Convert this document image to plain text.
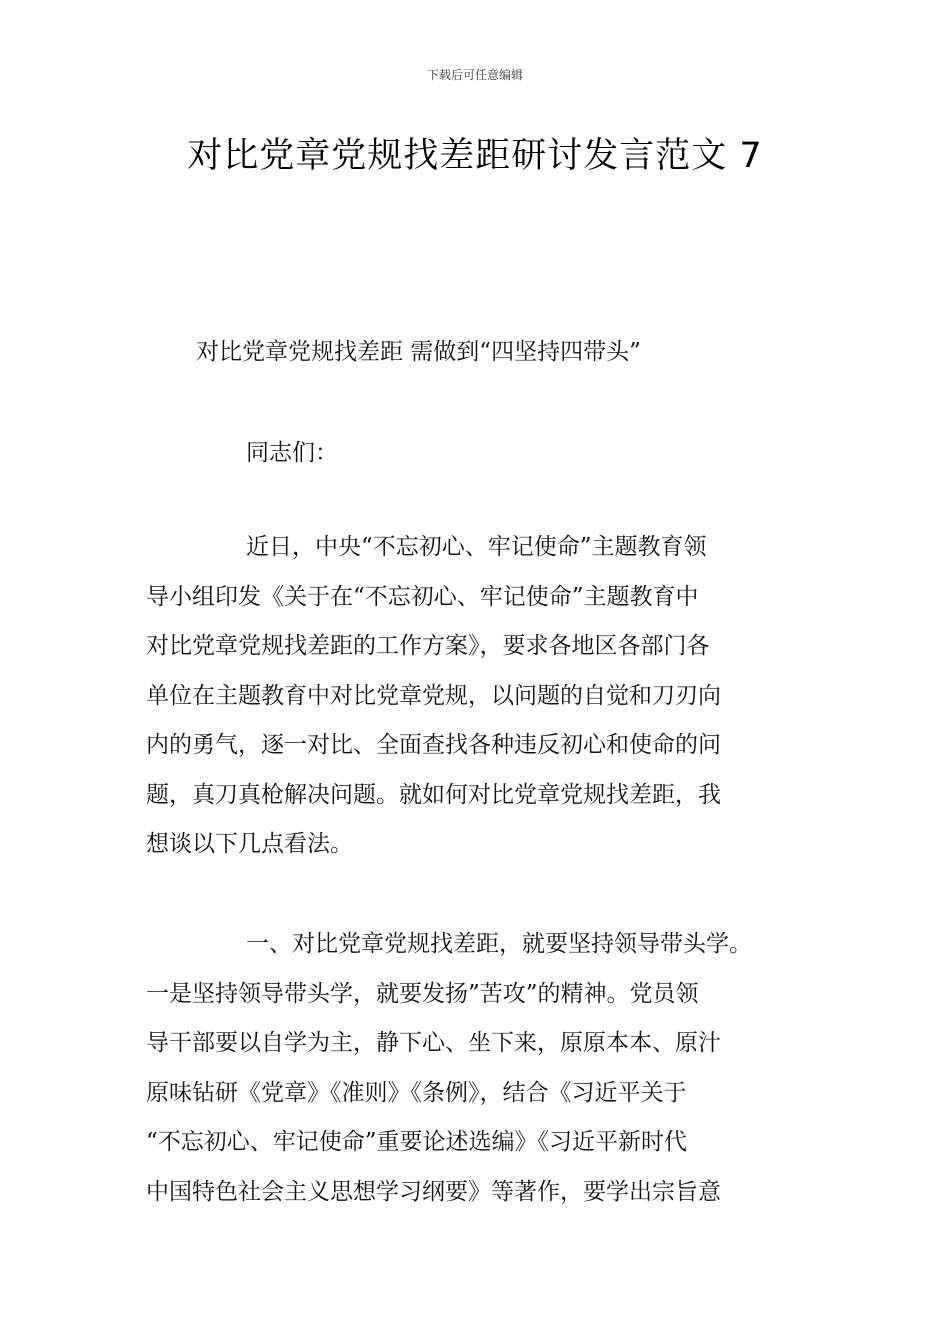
下载后可任意编辑
对比党章党规找差距研讨发言范文 7
对比党章党规找差距 需做到“四坚持四带头”
同志们：
近日，中央“不忘初心、牢记使命”主题教育领
导小组印发《关于在“不忘初心、牢记使命”主题教育中
对比党章党规找差距的工作方案》，要求各地区各部门各
单位在主题教育中对比党章党规，以问题的自觉和刀刃向
内的勇气，逐一对比、全面查找各种违反初心和使命的问
题，真刀真枪解决问题。就如何对比党章党规找差距，我
想谈以下几点看法。
一、对比党章党规找差距，就要坚持领导带头学。
一是坚持领导带头学，就要发扬”苦攻”的精神。党员领
导干部要以自学为主，静下心、坐下来，原原本本、原汁
原味钻研《党章》《准则》《条例》，结合《习近平关于
“不忘初心、牢记使命”重要论述选编》《习近平新时代
中国特色社会主义思想学习纲要》等著作，要学出宗旨意
